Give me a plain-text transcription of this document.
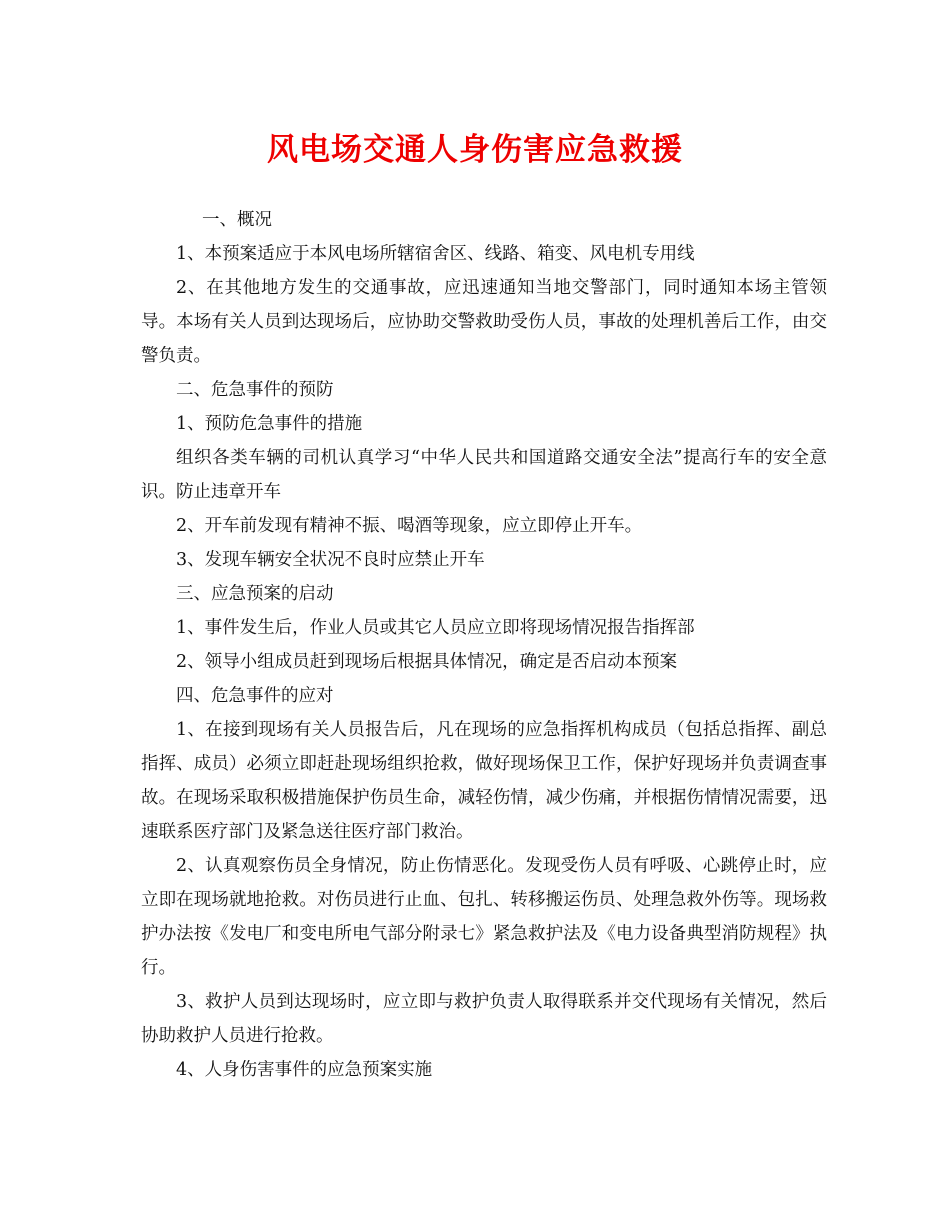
风电场交通人身伤害应急救援

一、概况

1、本预案适应于本风电场所辖宿舍区、线路、箱变、风电机专用线

2、在其他地方发生的交通事故，应迅速通知当地交警部门，同时通知本场主管领导。本场有关人员到达现场后，应协助交警救助受伤人员，事故的处理机善后工作，由交警负责。

二、危急事件的预防

1、预防危急事件的措施

组织各类车辆的司机认真学习“中华人民共和国道路交通安全法”提高行车的安全意识。防止违章开车

2、开车前发现有精神不振、喝酒等现象，应立即停止开车。

3、发现车辆安全状况不良时应禁止开车

三、应急预案的启动

1、事件发生后，作业人员或其它人员应立即将现场情况报告指挥部

2、领导小组成员赶到现场后根据具体情况，确定是否启动本预案

四、危急事件的应对

1、在接到现场有关人员报告后，凡在现场的应急指挥机构成员（包括总指挥、副总指挥、成员）必须立即赶赴现场组织抢救，做好现场保卫工作，保护好现场并负责调查事故。在现场采取积极措施保护伤员生命，减轻伤情，减少伤痛，并根据伤情情况需要，迅速联系医疗部门及紧急送往医疗部门救治。

2、认真观察伤员全身情况，防止伤情恶化。发现受伤人员有呼吸、心跳停止时，应立即在现场就地抢救。对伤员进行止血、包扎、转移搬运伤员、处理急救外伤等。现场救护办法按《发电厂和变电所电气部分附录七》紧急救护法及《电力设备典型消防规程》执行。

3、救护人员到达现场时，应立即与救护负责人取得联系并交代现场有关情况，然后协助救护人员进行抢救。

4、人身伤害事件的应急预案实施
